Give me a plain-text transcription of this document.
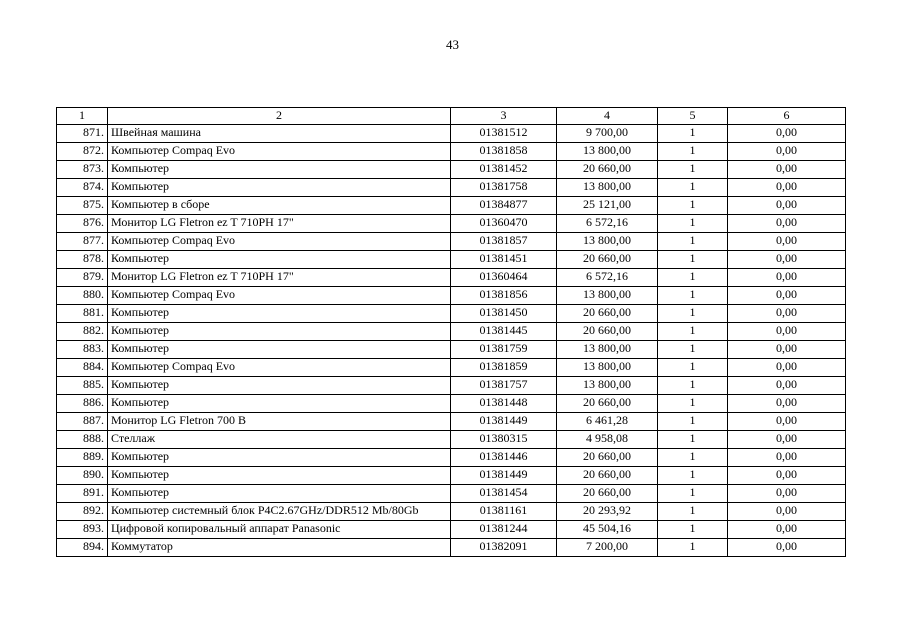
43
1	2	3	4	5	6
871.	Швейная машина	01381512	9 700,00	1	0,00
872.	Компьютер Compaq Evo	01381858	13 800,00	1	0,00
873.	Компьютер	01381452	20 660,00	1	0,00
874.	Компьютер	01381758	13 800,00	1	0,00
875.	Компьютер в сборе	01384877	25 121,00	1	0,00
876.	Монитор LG Fletron ez T 710PH 17"	01360470	6 572,16	1	0,00
877.	Компьютер Compaq Evo	01381857	13 800,00	1	0,00
878.	Компьютер	01381451	20 660,00	1	0,00
879.	Монитор LG Fletron ez T 710PH 17"	01360464	6 572,16	1	0,00
880.	Компьютер Compaq Evo	01381856	13 800,00	1	0,00
881.	Компьютер	01381450	20 660,00	1	0,00
882.	Компьютер	01381445	20 660,00	1	0,00
883.	Компьютер	01381759	13 800,00	1	0,00
884.	Компьютер Compaq Evo	01381859	13 800,00	1	0,00
885.	Компьютер	01381757	13 800,00	1	0,00
886.	Компьютер	01381448	20 660,00	1	0,00
887.	Монитор LG Fletron 700 B	01381449	6 461,28	1	0,00
888.	Стеллаж	01380315	4 958,08	1	0,00
889.	Компьютер	01381446	20 660,00	1	0,00
890.	Компьютер	01381449	20 660,00	1	0,00
891.	Компьютер	01381454	20 660,00	1	0,00
892.	Компьютер системный блок P4C2.67GHz/DDR512 Mb/80Gb	01381161	20 293,92	1	0,00
893.	Цифровой копировальный аппарат Panasonic	01381244	45 504,16	1	0,00
894.	Коммутатор	01382091	7 200,00	1	0,00
